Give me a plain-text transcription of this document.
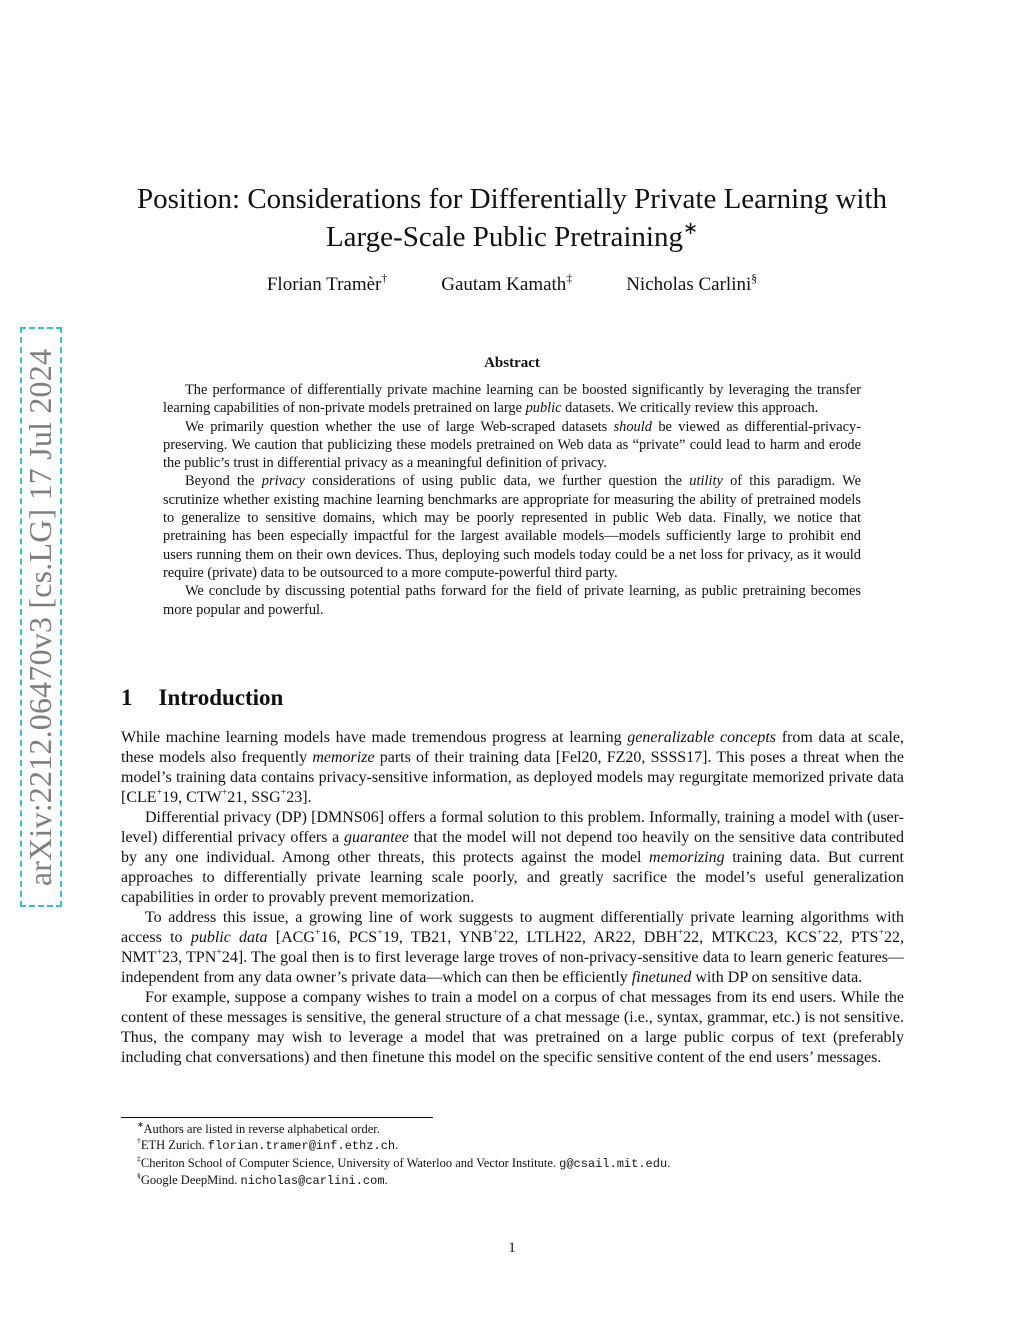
arXiv:2212.06470v3 [cs.LG] 17 Jul 2024
Position: Considerations for Differentially Private Learning with
Large-Scale Public Pretraining∗
Florian Tramèr†	Gautam Kamath‡	Nicholas Carlini§
Abstract

The performance of differentially private machine learning can be boosted significantly by leveraging the transfer learning capabilities of non-private models pretrained on large public datasets. We critically review this approach.

We primarily question whether the use of large Web-scraped datasets should be viewed as differential-privacy-preserving. We caution that publicizing these models pretrained on Web data as “private” could lead to harm and erode the public’s trust in differential privacy as a meaningful definition of privacy.

Beyond the privacy considerations of using public data, we further question the utility of this paradigm. We scrutinize whether existing machine learning benchmarks are appropriate for measuring the ability of pretrained models to generalize to sensitive domains, which may be poorly represented in public Web data. Finally, we notice that pretraining has been especially impactful for the largest available models—models sufficiently large to prohibit end users running them on their own devices. Thus, deploying such models today could be a net loss for privacy, as it would require (private) data to be outsourced to a more compute-powerful third party.

We conclude by discussing potential paths forward for the field of private learning, as public pretraining becomes more popular and powerful.

1 Introduction

While machine learning models have made tremendous progress at learning generalizable concepts from data at scale, these models also frequently memorize parts of their training data [Fel20, FZ20, SSSS17]. This poses a threat when the model’s training data contains privacy-sensitive information, as deployed models may regurgitate memorized private data [CLE+19, CTW+21, SSG+23].

Differential privacy (DP) [DMNS06] offers a formal solution to this problem. Informally, training a model with (user-level) differential privacy offers a guarantee that the model will not depend too heavily on the sensitive data contributed by any one individual. Among other threats, this protects against the model memorizing training data. But current approaches to differentially private learning scale poorly, and greatly sacrifice the model’s useful generalization capabilities in order to provably prevent memorization.

To address this issue, a growing line of work suggests to augment differentially private learning algorithms with access to public data [ACG+16, PCS+19, TB21, YNB+22, LTLH22, AR22, DBH+22, MTKC23, KCS+22, PTS+22, NMT+23, TPN+24]. The goal then is to first leverage large troves of non-privacy-sensitive data to learn generic features—independent from any data owner’s private data—which can then be efficiently finetuned with DP on sensitive data.

For example, suppose a company wishes to train a model on a corpus of chat messages from its end users. While the content of these messages is sensitive, the general structure of a chat message (i.e., syntax, grammar, etc.) is not sensitive. Thus, the company may wish to leverage a model that was pretrained on a large public corpus of text (preferably including chat conversations) and then finetune this model on the specific sensitive content of the end users’ messages.

∗Authors are listed in reverse alphabetical order.
†ETH Zurich. florian.tramer@inf.ethz.ch.
‡Cheriton School of Computer Science, University of Waterloo and Vector Institute. g@csail.mit.edu.
§Google DeepMind. nicholas@carlini.com.
1
